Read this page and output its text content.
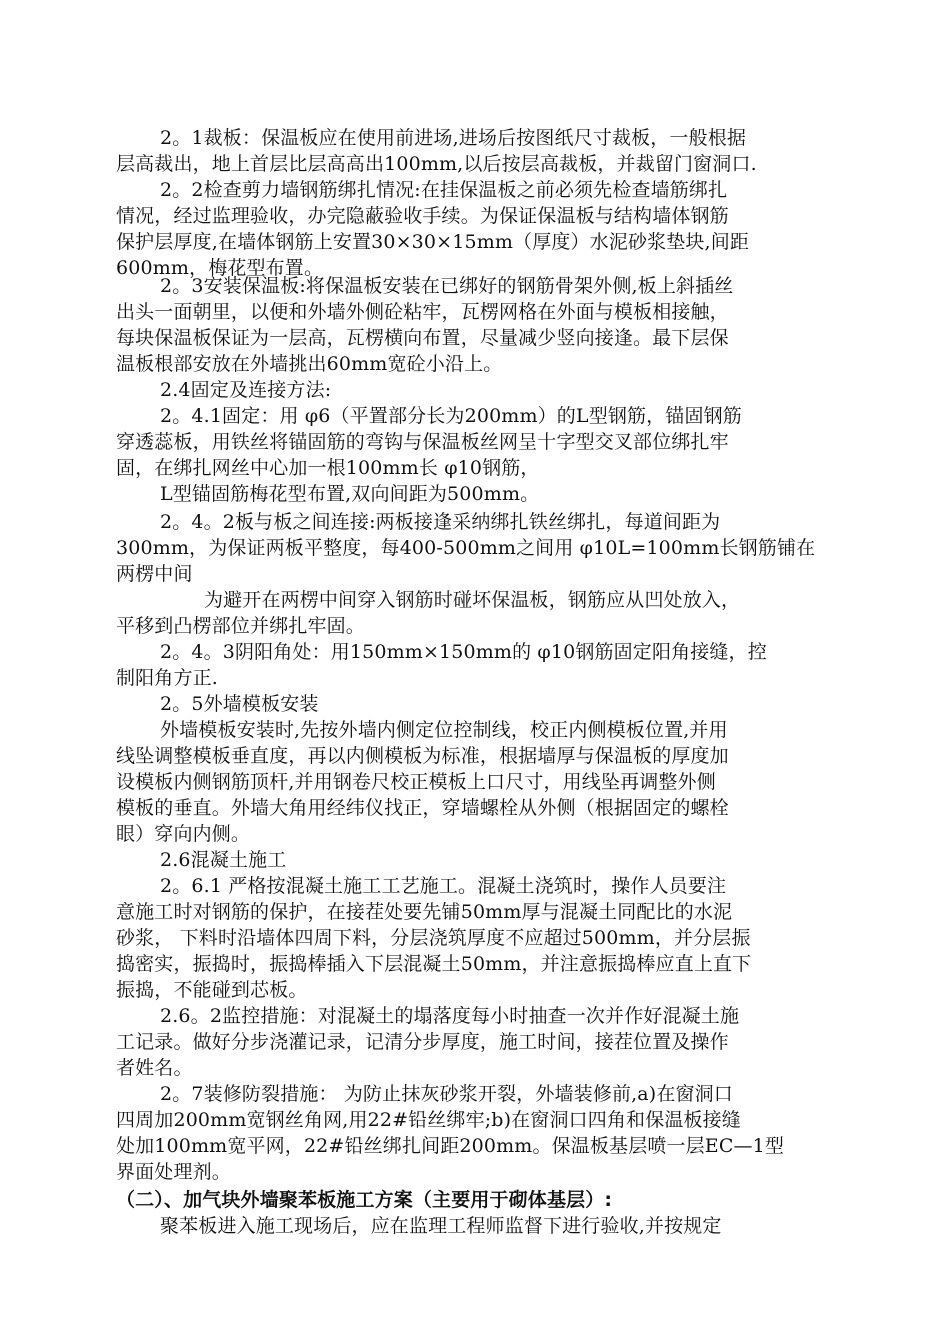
2。1裁板：保温板应在使用前进场,进场后按图纸尺寸裁板，一般根据
层高裁出，地上首层比层高高出100mm,以后按层高裁板，并裁留门窗洞口.
2。2检查剪力墙钢筋绑扎情况:在挂保温板之前必须先检查墙筋绑扎
情况，经过监理验收，办完隐蔽验收手续。为保证保温板与结构墙体钢筋
保护层厚度,在墙体钢筋上安置30×30×15mm（厚度）水泥砂浆垫块,间距
600mm，梅花型布置。
2。3安装保温板:将保温板安装在已绑好的钢筋骨架外侧,板上斜插丝
出头一面朝里，以便和外墙外侧砼粘牢，瓦楞网格在外面与模板相接触，
每块保温板保证为一层高，瓦楞横向布置，尽量减少竖向接逢。最下层保
温板根部安放在外墙挑出60mm宽砼小沿上。
2.4固定及连接方法:
2。4.1固定：用 φ6（平置部分长为200mm）的L型钢筋，锚固钢筋
穿透蕊板，用铁丝将锚固筋的弯钩与保温板丝网呈十字型交叉部位绑扎牢
固，在绑扎网丝中心加一根100mm长 φ10钢筋，
L型锚固筋梅花型布置,双向间距为500mm。
2。4。2板与板之间连接:两板接逢采纳绑扎铁丝绑扎，每道间距为
300mm，为保证两板平整度，每400-500mm之间用 φ10L=100mm长钢筋铺在
两楞中间
为避开在两楞中间穿入钢筋时碰坏保温板，钢筋应从凹处放入，
平移到凸楞部位并绑扎牢固。
2。4。3阴阳角处：用150mm×150mm的 φ10钢筋固定阳角接缝，控
制阳角方正.
2。5外墙模板安装
外墙模板安装时,先按外墙内侧定位控制线，校正内侧模板位置,并用
线坠调整模板垂直度，再以内侧模板为标准，根据墙厚与保温板的厚度加
设模板内侧钢筋顶杆,并用钢卷尺校正模板上口尺寸，用线坠再调整外侧
模板的垂直。外墙大角用经纬仪找正，穿墙螺栓从外侧（根据固定的螺栓
眼）穿向内侧。
2.6混凝土施工
2。6.1 严格按混凝土施工工艺施工。混凝土浇筑时，操作人员要注
意施工时对钢筋的保护，在接茬处要先铺50mm厚与混凝土同配比的水泥
砂浆， 下料时沿墙体四周下料，分层浇筑厚度不应超过500mm，并分层振
捣密实，振捣时，振捣棒插入下层混凝土50mm，并注意振捣棒应直上直下
振捣，不能碰到芯板。
2.6。2监控措施：对混凝土的塌落度每小时抽查一次并作好混凝土施
工记录。做好分步浇灌记录，记清分步厚度，施工时间，接茬位置及操作
者姓名。
2。7装修防裂措施： 为防止抹灰砂浆开裂，外墙装修前,a)在窗洞口
四周加200mm宽钢丝角网,用22#铅丝绑牢;b)在窗洞口四角和保温板接缝
处加100mm宽平网，22#铅丝绑扎间距200mm。保温板基层喷一层EC—1型
界面处理剂。
（二）、加气块外墙聚苯板施工方案（主要用于砌体基层）:
聚苯板进入施工现场后，应在监理工程师监督下进行验收,并按规定
